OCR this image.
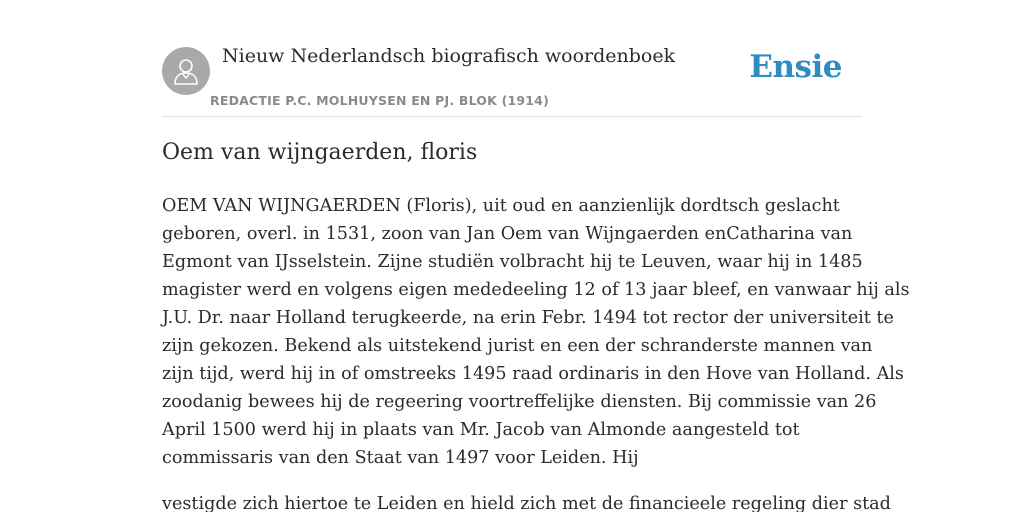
Nieuw Nederlandsch biografisch woordenboek
REDACTIE P.C. MOLHUYSEN EN PJ. BLOK (1914)
Ensie
Oem van wijngaerden, floris

OEM VAN WIJNGAERDEN (Floris), uit oud en aanzienlijk dordtsch geslacht
geboren, overl. in 1531, zoon van Jan Oem van Wijngaerden enCatharina van
Egmont van IJsselstein. Zijne studiën volbracht hij te Leuven, waar hij in 1485
magister werd en volgens eigen mededeeling 12 of 13 jaar bleef, en vanwaar hij als
J.U. Dr. naar Holland terugkeerde, na erin Febr. 1494 tot rector der universiteit te
zijn gekozen. Bekend als uitstekend jurist en een der schranderste mannen van
zijn tijd, werd hij in of omstreeks 1495 raad ordinaris in den Hove van Holland. Als
zoodanig bewees hij de regeering voortreffelijke diensten. Bij commissie van 26
April 1500 werd hij in plaats van Mr. Jacob van Almonde aangesteld tot
commissaris van den Staat van 1497 voor Leiden. Hij

vestigde zich hiertoe te Leiden en hield zich met de financieele regeling dier stad
